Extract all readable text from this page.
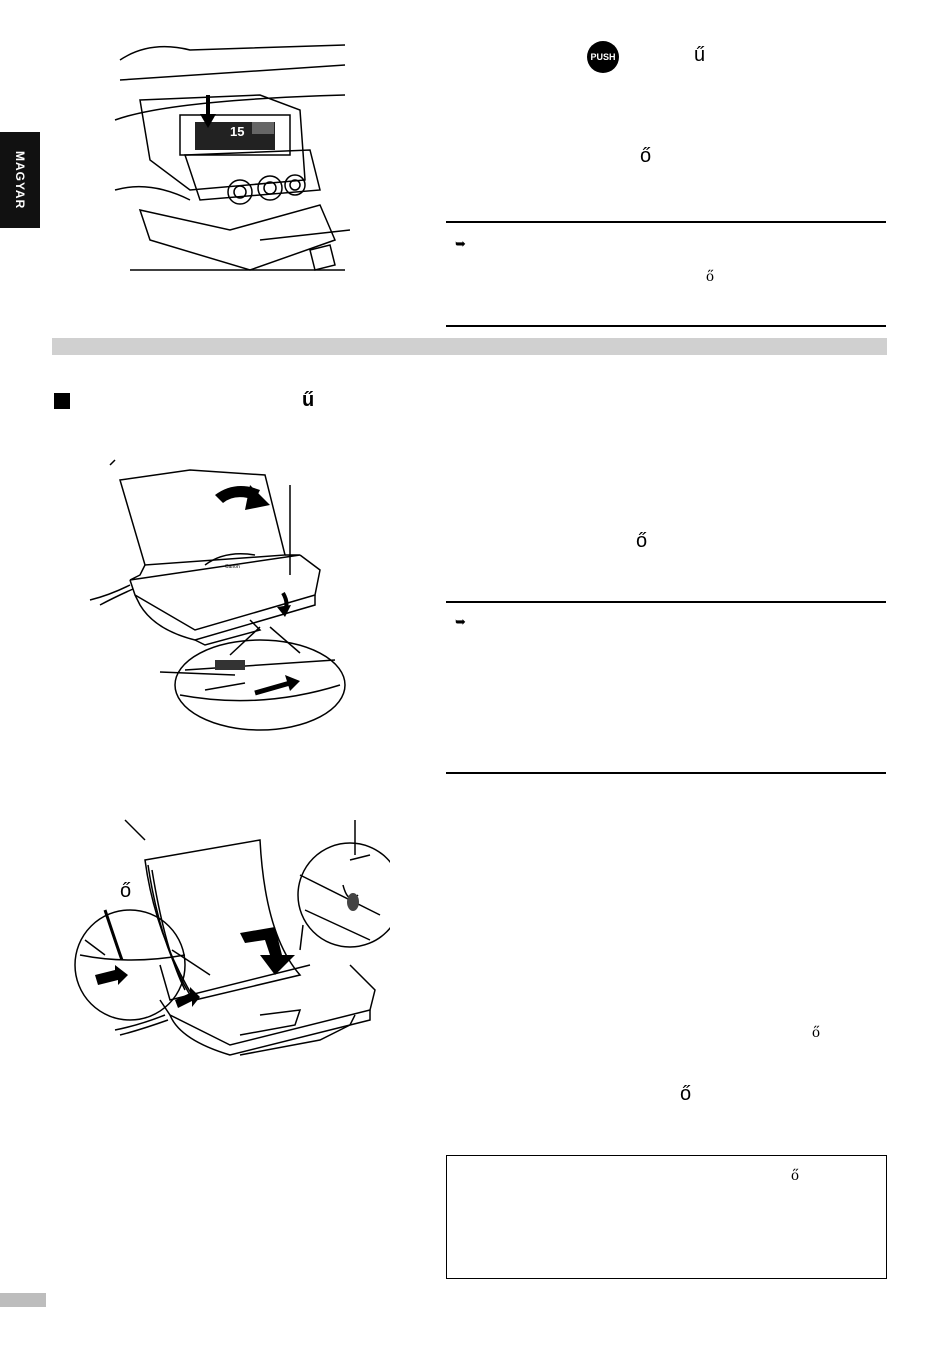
MAGYAR
15
PUSH	ű
ő
➥
ő
ű
Canon
ő
➥
ő
ő
ő
ő
